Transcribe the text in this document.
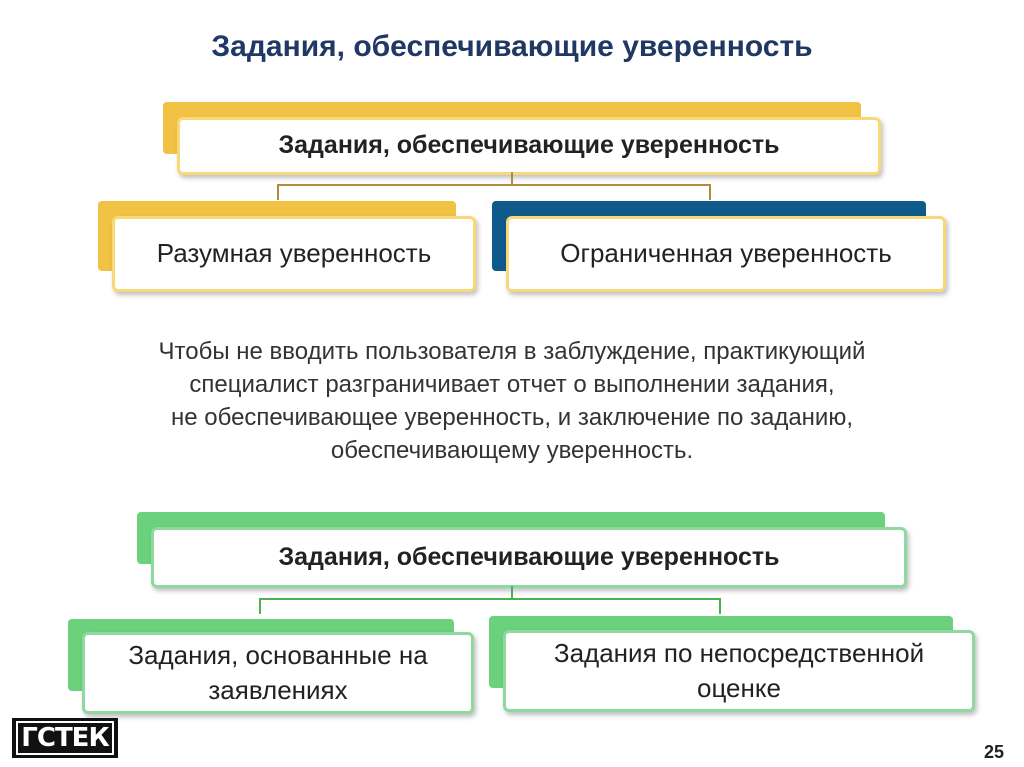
Задания, обеспечивающие уверенность
Задания, обеспечивающие уверенность
Разумная уверенность	Ограниченная уверенность
Чтобы не вводить пользователя в заблуждение, практикующий
специалист разграничивает отчет о выполнении задания,
не обеспечивающее уверенность, и заключение по заданию,
обеспечивающему уверенность.
Задания, обеспечивающие уверенность
Задания, основанные на
заявлениях
Задания по непосредственной
оценке
ГСТЕК	25
